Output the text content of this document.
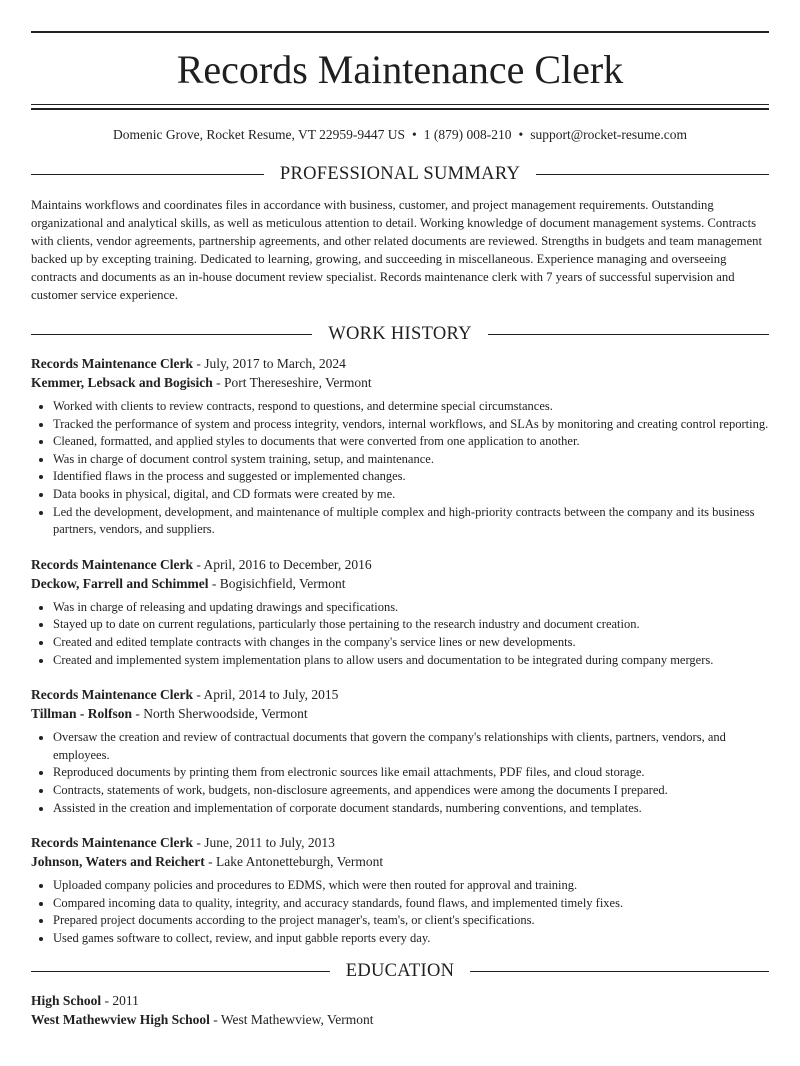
Records Maintenance Clerk
Domenic Grove, Rocket Resume, VT 22959-9447 US • 1 (879) 008-210 • support@rocket-resume.com
PROFESSIONAL SUMMARY

Maintains workflows and coordinates files in accordance with business, customer, and project management requirements. Outstanding organizational and analytical skills, as well as meticulous attention to detail. Working knowledge of document management systems. Contracts with clients, vendor agreements, partnership agreements, and other related documents are reviewed. Strengths in budgets and team management backed up by excepting training. Dedicated to learning, growing, and succeeding in miscellaneous. Experience managing and overseeing contracts and documents as an in-house document review specialist. Records maintenance clerk with 7 years of successful supervision and customer service experience.

WORK HISTORY
Records Maintenance Clerk - July, 2017 to March, 2024
Kemmer, Lebsack and Bogisich - Port Thereseshire, Vermont
• Worked with clients to review contracts, respond to questions, and determine special circumstances.
• Tracked the performance of system and process integrity, vendors, internal workflows, and SLAs by monitoring and creating control reporting.
• Cleaned, formatted, and applied styles to documents that were converted from one application to another.
• Was in charge of document control system training, setup, and maintenance.
• Identified flaws in the process and suggested or implemented changes.
• Data books in physical, digital, and CD formats were created by me.
• Led the development, development, and maintenance of multiple complex and high-priority contracts between the company and its business partners, vendors, and suppliers.
Records Maintenance Clerk - April, 2016 to December, 2016
Deckow, Farrell and Schimmel - Bogisichfield, Vermont
• Was in charge of releasing and updating drawings and specifications.
• Stayed up to date on current regulations, particularly those pertaining to the research industry and document creation.
• Created and edited template contracts with changes in the company's service lines or new developments.
• Created and implemented system implementation plans to allow users and documentation to be integrated during company mergers.
Records Maintenance Clerk - April, 2014 to July, 2015
Tillman - Rolfson - North Sherwoodside, Vermont
• Oversaw the creation and review of contractual documents that govern the company's relationships with clients, partners, vendors, and employees.
• Reproduced documents by printing them from electronic sources like email attachments, PDF files, and cloud storage.
• Contracts, statements of work, budgets, non-disclosure agreements, and appendices were among the documents I prepared.
• Assisted in the creation and implementation of corporate document standards, numbering conventions, and templates.
Records Maintenance Clerk - June, 2011 to July, 2013
Johnson, Waters and Reichert - Lake Antonetteburgh, Vermont
• Uploaded company policies and procedures to EDMS, which were then routed for approval and training.
• Compared incoming data to quality, integrity, and accuracy standards, found flaws, and implemented timely fixes.
• Prepared project documents according to the project manager's, team's, or client's specifications.
• Used games software to collect, review, and input gabble reports every day.
EDUCATION
High School - 2011
West Mathewview High School - West Mathewview, Vermont
